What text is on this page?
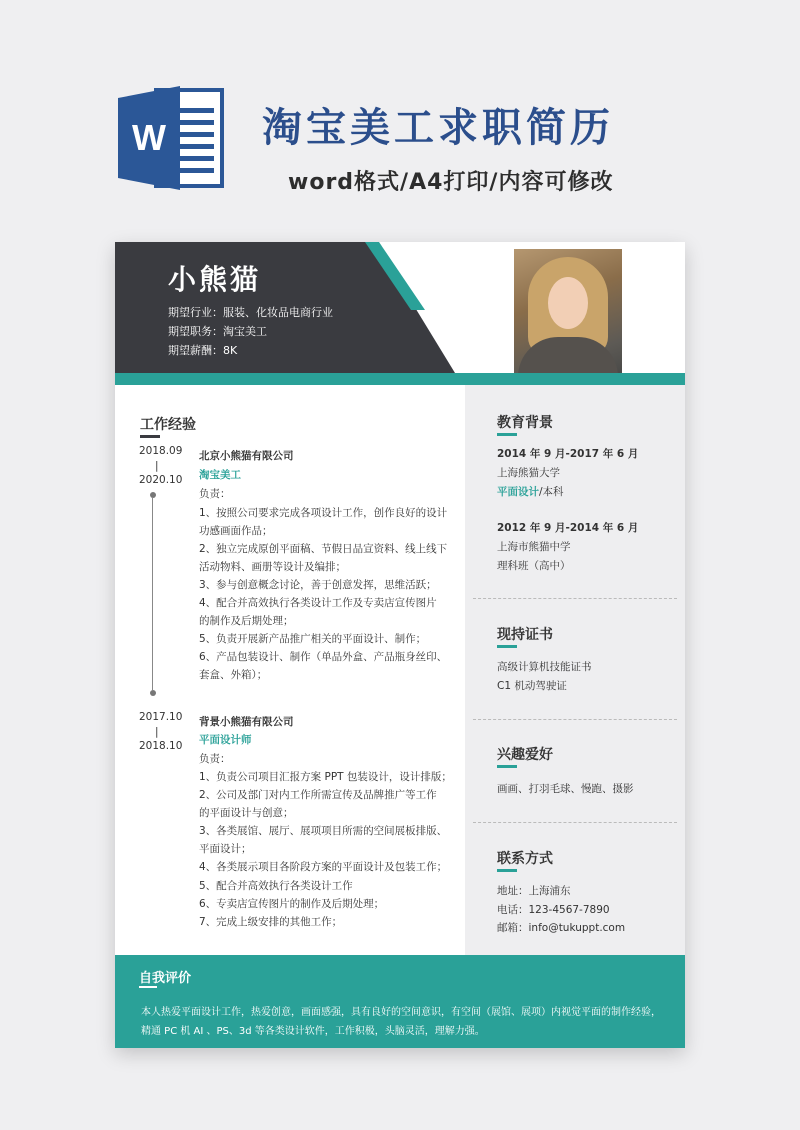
W 淘宝美工求职简历
word格式/A4打印/内容可修改
小熊猫
期望行业：服装、化妆品电商行业
期望职务：淘宝美工
期望薪酬：8K
工作经验
2018.09
|
2020.10
北京小熊猫有限公司
淘宝美工
负责：
1、按照公司要求完成各项设计工作，创作良好的设计
功感画面作品；
2、独立完成原创平面稿、节假日品宣资料、线上线下
活动物料、画册等设计及编排；
3、参与创意概念讨论，善于创意发挥，思维活跃；
4、配合并高效执行各类设计工作及专卖店宣传图片
的制作及后期处理；
5、负责开展新产品推广相关的平面设计、制作；
6、产品包装设计、制作（单品外盒、产品瓶身丝印、
套盒、外箱）；
2017.10
|
2018.10
背景小熊猫有限公司
平面设计师
负责：
1、负责公司项目汇报方案 PPT 包装设计，设计排版；
2、公司及部门对内工作所需宣传及品牌推广等工作
的平面设计与创意；
3、各类展馆、展厅、展项项目所需的空间展板排版、
平面设计；
4、各类展示项目各阶段方案的平面设计及包装工作；
5、配合并高效执行各类设计工作
6、专卖店宣传图片的制作及后期处理；
7、完成上级安排的其他工作；
教育背景
2014 年 9 月-2017 年 6 月
上海熊猫大学
平面设计/本科
2012 年 9 月-2014 年 6 月
上海市熊猫中学
理科班（高中）
现持证书
高级计算机技能证书
C1 机动驾驶证
兴趣爱好
画画、打羽毛球、慢跑、摄影
联系方式
地址：上海浦东
电话：123-4567-7890
邮箱：info@tukuppt.com
自我评价
本人热爱平面设计工作，热爱创意，画面感强，具有良好的空间意识，有空间（展馆、展项）内视觉平面的制作经验，
精通 PC 机 AI 、PS、3d 等各类设计软件，工作积极，头脑灵活，理解力强。
